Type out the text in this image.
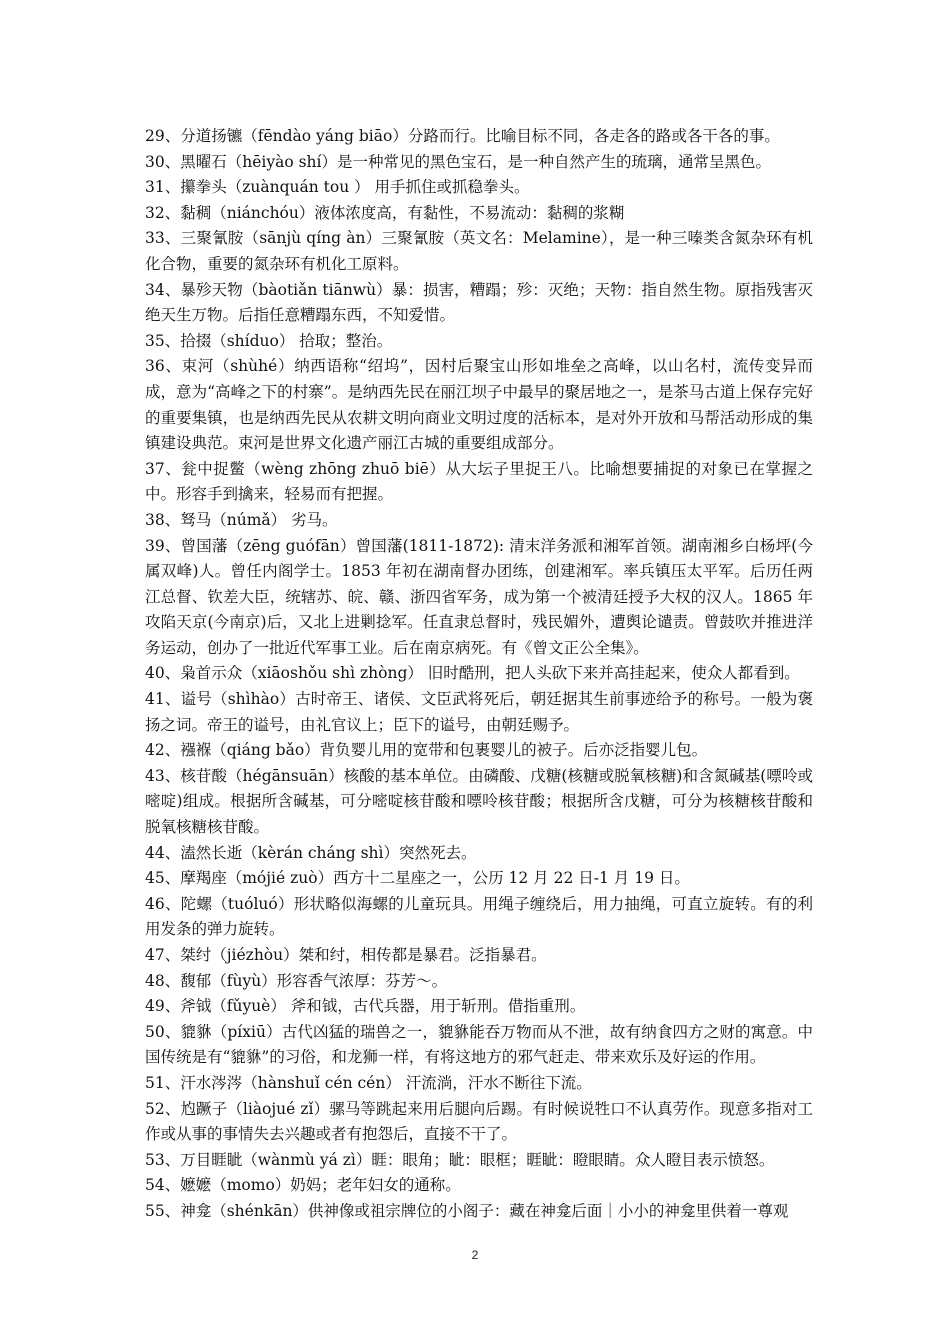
29、分道扬镳（fēndào yáng biāo）分路而行。比喻目标不同，各走各的路或各干各的事。

30、黑曜石（hēiyào shí）是一种常见的黑色宝石，是一种自然产生的琉璃，通常呈黑色。

31、攥拳头（zuànquán tou ） 用手抓住或抓稳拳头。

32、黏稠（niánchóu）液体浓度高，有黏性，不易流动：黏稠的浆糊

33、三聚氰胺（sānjù qíng àn）三聚氰胺（英文名：Melamine），是一种三嗪类含氮杂环有机化合物，重要的氮杂环有机化工原料。

34、暴殄天物（bàotiǎn tiānwù）暴：损害，糟蹋；殄：灭绝；天物：指自然生物。原指残害灭绝天生万物。后指任意糟蹋东西，不知爱惜。

35、拾掇（shíduo） 拾取；整治。

36、束河（shùhé）纳西语称“绍坞”，因村后聚宝山形如堆垒之高峰，以山名村，流传变异而成，意为“高峰之下的村寨”。是纳西先民在丽江坝子中最早的聚居地之一，是茶马古道上保存完好的重要集镇，也是纳西先民从农耕文明向商业文明过度的活标本，是对外开放和马帮活动形成的集镇建设典范。束河是世界文化遗产丽江古城的重要组成部分。

37、瓮中捉鳖（wèng zhōng zhuō biē）从大坛子里捉王八。比喻想要捕捉的对象已在掌握之中。形容手到擒来，轻易而有把握。

38、驽马（númǎ） 劣马。

39、曾国藩（zēng guófān）曾国藩(1811-1872): 清末洋务派和湘军首领。湖南湘乡白杨坪(今属双峰)人。曾任内阁学士。1853 年初在湖南督办团练，创建湘军。率兵镇压太平军。后历任两江总督、钦差大臣，统辖苏、皖、赣、浙四省军务，成为第一个被清廷授予大权的汉人。1865 年攻陷天京(今南京)后，又北上进剿捻军。任直隶总督时，残民媚外，遭舆论谴责。曾鼓吹并推进洋务运动，创办了一批近代军事工业。后在南京病死。有《曾文正公全集》。

40、枭首示众（xiāoshǒu shì zhòng） 旧时酷刑，把人头砍下来并高挂起来，使众人都看到。

41、谥号（shìhào）古时帝王、诸侯、文臣武将死后，朝廷据其生前事迹给予的称号。一般为褒扬之词。帝王的谥号，由礼官议上；臣下的谥号，由朝廷赐予。

42、襁褓（qiáng bǎo）背负婴儿用的宽带和包裹婴儿的被子。后亦泛指婴儿包。

43、核苷酸（hégānsuān）核酸的基本单位。由磷酸、戊糖(核糖或脱氧核糖)和含氮碱基(嘌呤或嘧啶)组成。根据所含碱基，可分嘧啶核苷酸和嘌呤核苷酸；根据所含戊糖，可分为核糖核苷酸和脱氧核糖核苷酸。

44、溘然长逝（kèrán cháng shì）突然死去。

45、摩羯座（mójié zuò）西方十二星座之一，公历 12 月 22 日-1 月 19 日。

46、陀螺（tuóluó）形状略似海螺的儿童玩具。用绳子缠绕后，用力抽绳，可直立旋转。有的利用发条的弹力旋转。

47、桀纣（jiézhòu）桀和纣，相传都是暴君。泛指暴君。

48、馥郁（fùyù）形容香气浓厚：芬芳～。

49、斧钺（fǔyuè） 斧和钺，古代兵器，用于斩刑。借指重刑。

50、貔貅（píxiū）古代凶猛的瑞兽之一，貔貅能吞万物而从不泄，故有纳食四方之财的寓意。中国传统是有“貔貅”的习俗，和龙狮一样，有将这地方的邪气赶走、带来欢乐及好运的作用。

51、汗水涔涔（hànshuǐ cén cén） 汗流淌，汗水不断往下流。

52、尥蹶子（liàojué zǐ）骡马等跳起来用后腿向后踢。有时候说牲口不认真劳作。现意多指对工作或从事的事情失去兴趣或者有抱怨后，直接不干了。

53、万目睚眦（wànmù yá zì）睚：眼角；眦：眼框；睚眦：瞪眼睛。众人瞪目表示愤怒。

54、嬷嬷（momo）奶妈；老年妇女的通称。

55、神龛（shénkān）供神像或祖宗牌位的小阁子：藏在神龛后面｜小小的神龛里供着一尊观

2
